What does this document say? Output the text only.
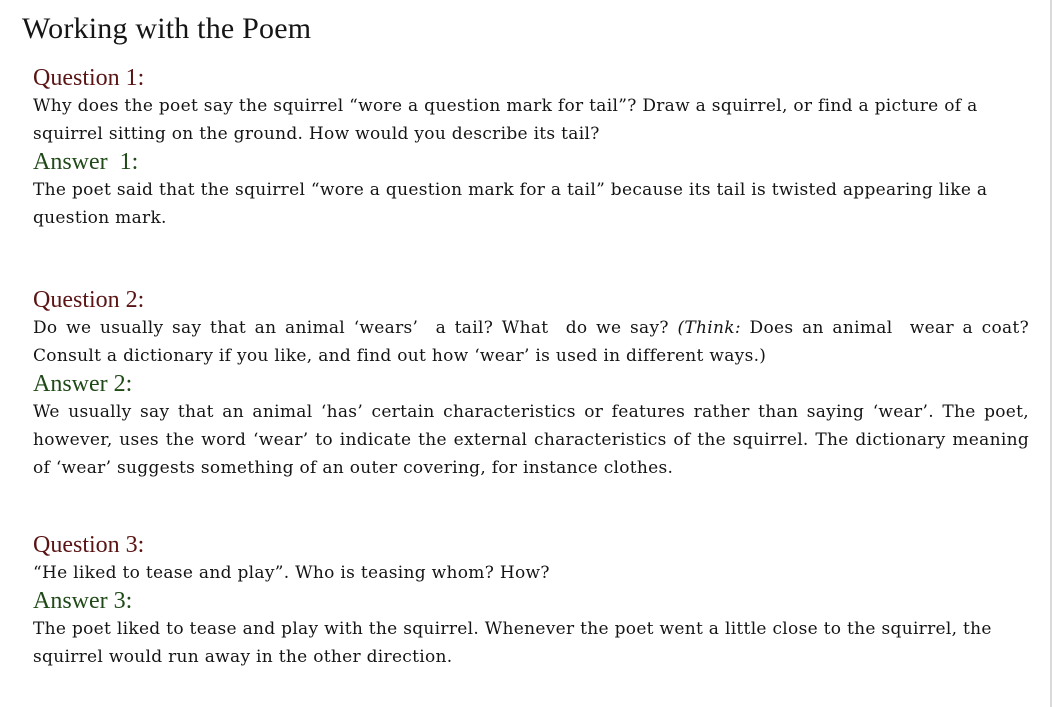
Working with the Poem
Question 1:
Why does the poet say the squirrel “wore a question mark for tail”? Draw a squirrel, or find a picture of a squirrel sitting on the ground. How would you describe its tail?
Answer  1:
The poet said that the squirrel “wore a question mark for a tail” because its tail is twisted appearing like a question mark.
Question 2:
Do we usually say that an animal ‘wears’  a tail? What  do we say? (Think: Does an animal  wear a coat? Consult a dictionary if you like, and find out how ‘wear’ is used in different ways.)
Answer 2:
We usually say that an animal ‘has’ certain characteristics or features rather than saying ‘wear’. The poet, however, uses the word ‘wear’ to indicate the external characteristics of the squirrel. The dictionary meaning of ‘wear’ suggests something of an outer covering, for instance clothes.
Question 3:
“He liked to tease and play”. Who is teasing whom? How?
Answer 3:
The poet liked to tease and play with the squirrel. Whenever the poet went a little close to the squirrel, the squirrel would run away in the other direction.
